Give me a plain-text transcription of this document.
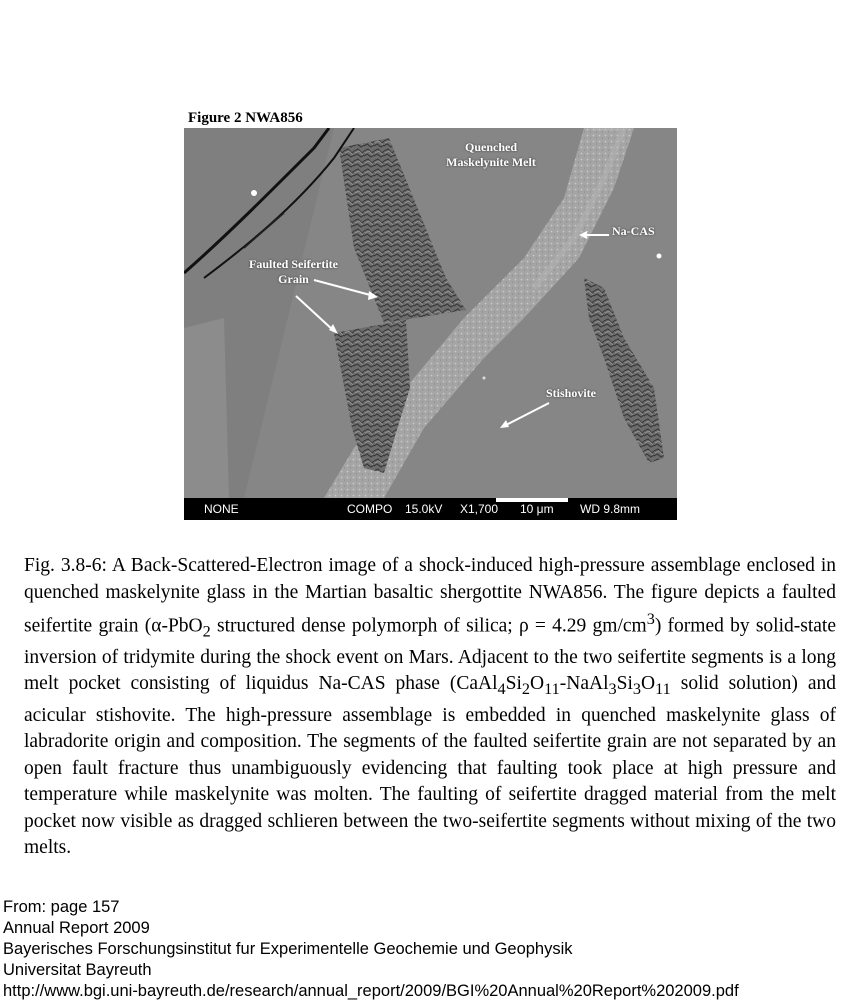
Figure 2 NWA856
Quenched Maskelynite Melt
Na-CAS
Faulted Seifertite Grain
Stishovite
NONE	COMPO 15.0kV X1,700 10 μm WD 9.8mm

Fig. 3.8-6: A Back-Scattered-Electron image of a shock-induced high-pressure assemblage enclosed in quenched maskelynite glass in the Martian basaltic shergottite NWA856. The figure depicts a faulted seifertite grain (α-PbO$_2$ structured dense polymorph of silica; ρ = 4.29 $gm/cm^3$) formed by solid-state inversion of tridymite during the shock event on Mars. Adjacent to the two seifertite segments is a long melt pocket consisting of liquidus Na-CAS phase ($CaAl_4Si_2O_{11}-NaAl_3Si_3O_{11}$ solid solution) and acicular stishovite. The high-pressure assemblage is embedded in quenched maskelynite glass of labradorite origin and composition. The segments of the faulted seifertite grain are not separated by an open fault fracture thus unambiguously evidencing that faulting took place at high pressure and temperature while maskelynite was molten. The faulting of seifertite dragged material from the melt pocket now visible as dragged schlieren between the two-seifertite segments without mixing of the two melts.

From: page 157
Annual Report 2009
Bayerisches Forschungsinstitut fur Experimentelle Geochemie und Geophysik
Universitat Bayreuth
http://www.bgi.uni-bayreuth.de/research/annual_report/2009/BGI%20Annual%20Report%202009.pdf
